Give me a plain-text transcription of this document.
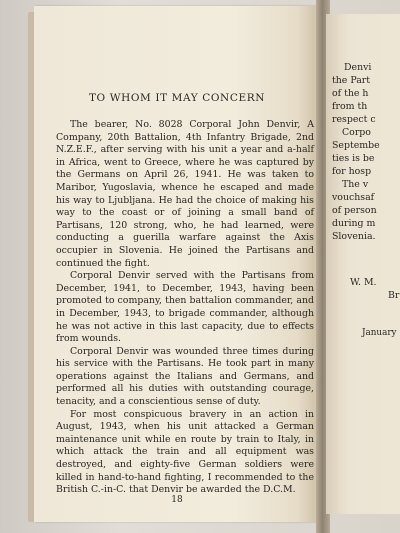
TO WHOM IT MAY CONCERN

The bearer, No. 8028 Corporal John Denvir, A Company, 20th Battalion, 4th Infantry Brigade, 2nd N.Z.E.F., after serving with his unit a year and a-half in Africa, went to Greece, where he was captured by the Germans on April 26, 1941. He was taken to Maribor, Yugoslavia, whence he escaped and made his way to Ljubljana. He had the choice of making his way to the coast or of joining a small band of Partisans, 120 strong, who, he had learned, were conducting a guerilla warfare against the Axis occupier in Slovenia. He joined the Partisans and continued the fight.

Corporal Denvir served with the Partisans from December, 1941, to December, 1943, having been promoted to company, then battalion commander, and in December, 1943, to brigade commander, although he was not active in this last capacity, due to effects from wounds.

Corporal Denvir was wounded three times during his service with the Partisans. He took part in many operations against the Italians and Germans, and performed all his duties with outstanding courage, tenacity, and a conscientious sense of duty.

For most conspicuous bravery in an action in August, 1943, when his unit attacked a German maintenance unit while en route by train to Italy, in which attack the train and all equipment was destroyed, and eighty-five German soldiers were killed in hand-to-hand fighting, I recommended to the British C.-in-C. that Denvir be awarded the D.C.M.

18
Denvi
the Part
of the h
from th
respect c
Corpo
Septembe
ties is be
for hosp
The v
vouchsaf
of person
during m
Slovenia.
W. M.
Br
January
